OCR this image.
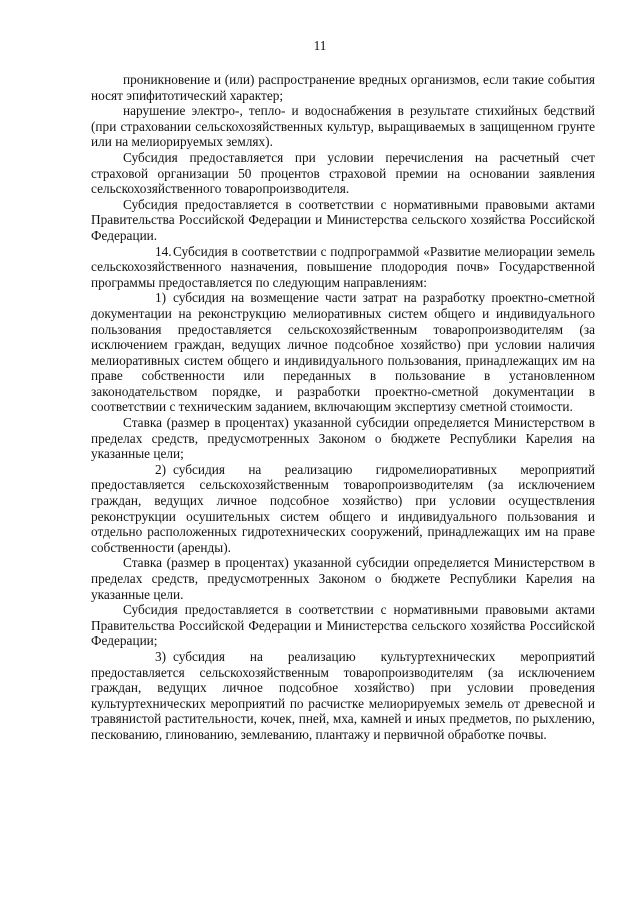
11

проникновение и (или) распространение вредных организмов, если такие события носят эпифитотический характер;

нарушение электро-, тепло- и водоснабжения в результате стихийных бедствий (при страховании сельскохозяйственных культур, выращиваемых в защищенном грунте или на мелиорируемых землях).

Субсидия предоставляется при условии перечисления на расчетный счет страховой организации 50 процентов страховой премии на основании заявления сельскохозяйственного товаропроизводителя.

Субсидия предоставляется в соответствии с нормативными правовыми актами Правительства Российской Федерации и Министерства сельского хозяйства Российской Федерации.

14.Субсидия в соответствии с подпрограммой «Развитие мелиорации земель сельскохозяйственного назначения, повышение плодородия почв» Государственной программы предоставляется по следующим направлениям:

1) субсидия на возмещение части затрат на разработку проектно-сметной документации на реконструкцию мелиоративных систем общего и индивидуального пользования предоставляется сельскохозяйственным товаропроизводителям (за исключением граждан, ведущих личное подсобное хозяйство) при условии наличия мелиоративных систем общего и индивидуального пользования, принадлежащих им на праве собственности или переданных в пользование в установленном законодательством порядке, и разработки проектно-сметной документации в соответствии с техническим заданием, включающим экспертизу сметной стоимости.

Ставка (размер в процентах) указанной субсидии определяется Министерством в пределах средств, предусмотренных Законом о бюджете Республики Карелия на указанные цели;

2) субсидия на реализацию гидромелиоративных мероприятий предоставляется сельскохозяйственным товаропроизводителям (за исключением граждан, ведущих личное подсобное хозяйство) при условии осуществления реконструкции осушительных систем общего и индивидуального пользования и отдельно расположенных гидротехнических сооружений, принадлежащих им на праве собственности (аренды).

Ставка (размер в процентах) указанной субсидии определяется Министерством в пределах средств, предусмотренных Законом о бюджете Республики Карелия на указанные цели.

Субсидия предоставляется в соответствии с нормативными правовыми актами Правительства Российской Федерации и Министерства сельского хозяйства Российской Федерации;

3) субсидия на реализацию культуртехнических мероприятий предоставляется сельскохозяйственным товаропроизводителям (за исключением граждан, ведущих личное подсобное хозяйство) при условии проведения культуртехнических мероприятий по расчистке мелиорируемых земель от древесной и травянистой растительности, кочек, пней, мха, камней и иных предметов, по рыхлению, пескованию, глинованию, землеванию, плантажу и первичной обработке почвы.
